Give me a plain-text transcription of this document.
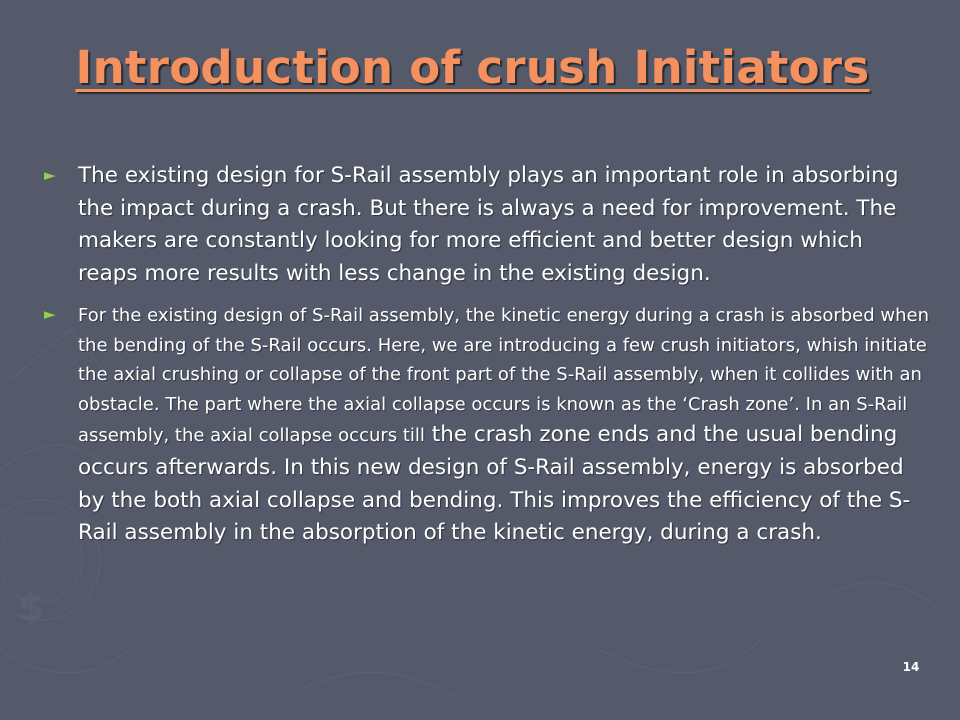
$
Introduction of crush Initiators
►	The existing design for S-Rail assembly plays an important role in absorbing the impact during a crash. But there is always a need for improvement. The makers are constantly looking for more efficient and better design which reaps more results with less change in the existing design.

►	For the existing design of S-Rail assembly, the kinetic energy during a crash is absorbed when the bending of the S-Rail occurs. Here, we are introducing a few crush initiators, whish initiate the axial crushing or collapse of the front part of the S-Rail assembly, when it collides with an obstacle. The part where the axial collapse occurs is known as the ‘Crash zone’. In an S-Rail assembly, the axial collapse occurs till the crash zone ends and the usual bending occurs afterwards. In this new design of S-Rail assembly, energy is absorbed by the both axial collapse and bending. This improves the efficiency of the S-Rail assembly in the absorption of the kinetic energy, during a crash.

14
